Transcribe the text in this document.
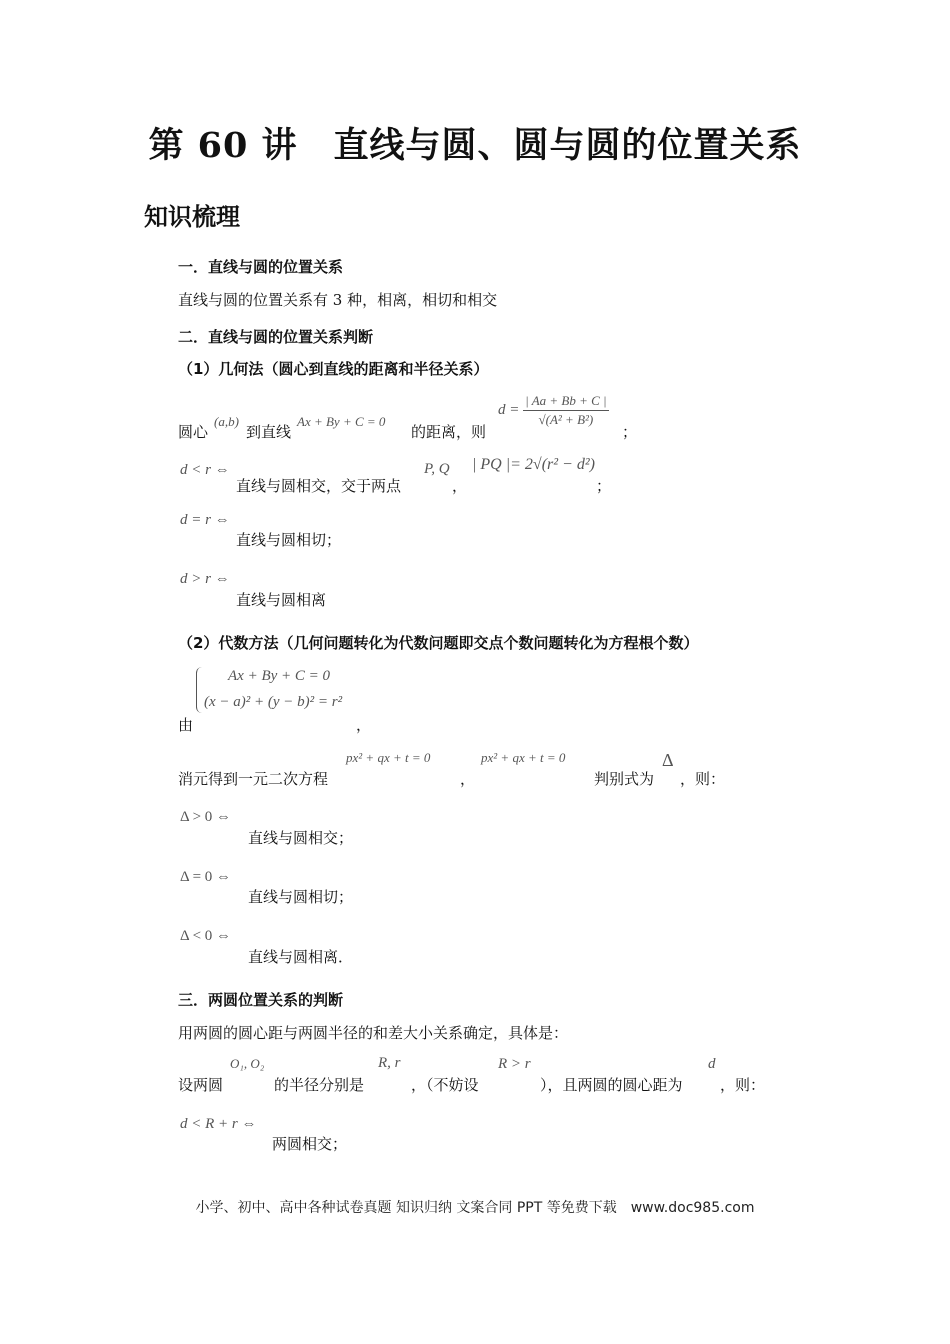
第 60 讲　直线与圆、圆与圆的位置关系
知识梳理
一．直线与圆的位置关系
直线与圆的位置关系有 3 种，相离，相切和相交
二．直线与圆的位置关系判断
（1）几何法（圆心到直线的距离和半径关系）
圆心
(a,b)
到直线
Ax + By + C = 0
的距离，则
$d = \frac{| Aa + Bb + C |}{\text{√(A² + B²)}}$
；
d < r ⇔
直线与圆相交，交于两点
P, Q
，
| PQ |= 2√(r² − d²)
；
d = r ⇔
直线与圆相切；
d > r ⇔
直线与圆相离
（2）代数方法（几何问题转化为代数问题即交点个数问题转化为方程根个数）
Ax + By + C = 0
(x − a)² + (y − b)² = r²
由	，
消元得到一元二次方程
px² + qx + t = 0
，
px² + qx + t = 0
判别式为
Δ
，则：
Δ > 0 ⇔
直线与圆相交；
Δ = 0 ⇔
直线与圆相切；
Δ < 0 ⇔
直线与圆相离．
三．两圆位置关系的判断
用两圆的圆心距与两圆半径的和差大小关系确定，具体是：
设两圆
O₁, O₂
的半径分别是
R, r
，（不妨设
R > r
），且两圆的圆心距为
d
，则：
d < R + r ⇔
两圆相交；
小学、初中、高中各种试卷真题 知识归纳 文案合同 PPT 等免费下载　www.doc985.com
